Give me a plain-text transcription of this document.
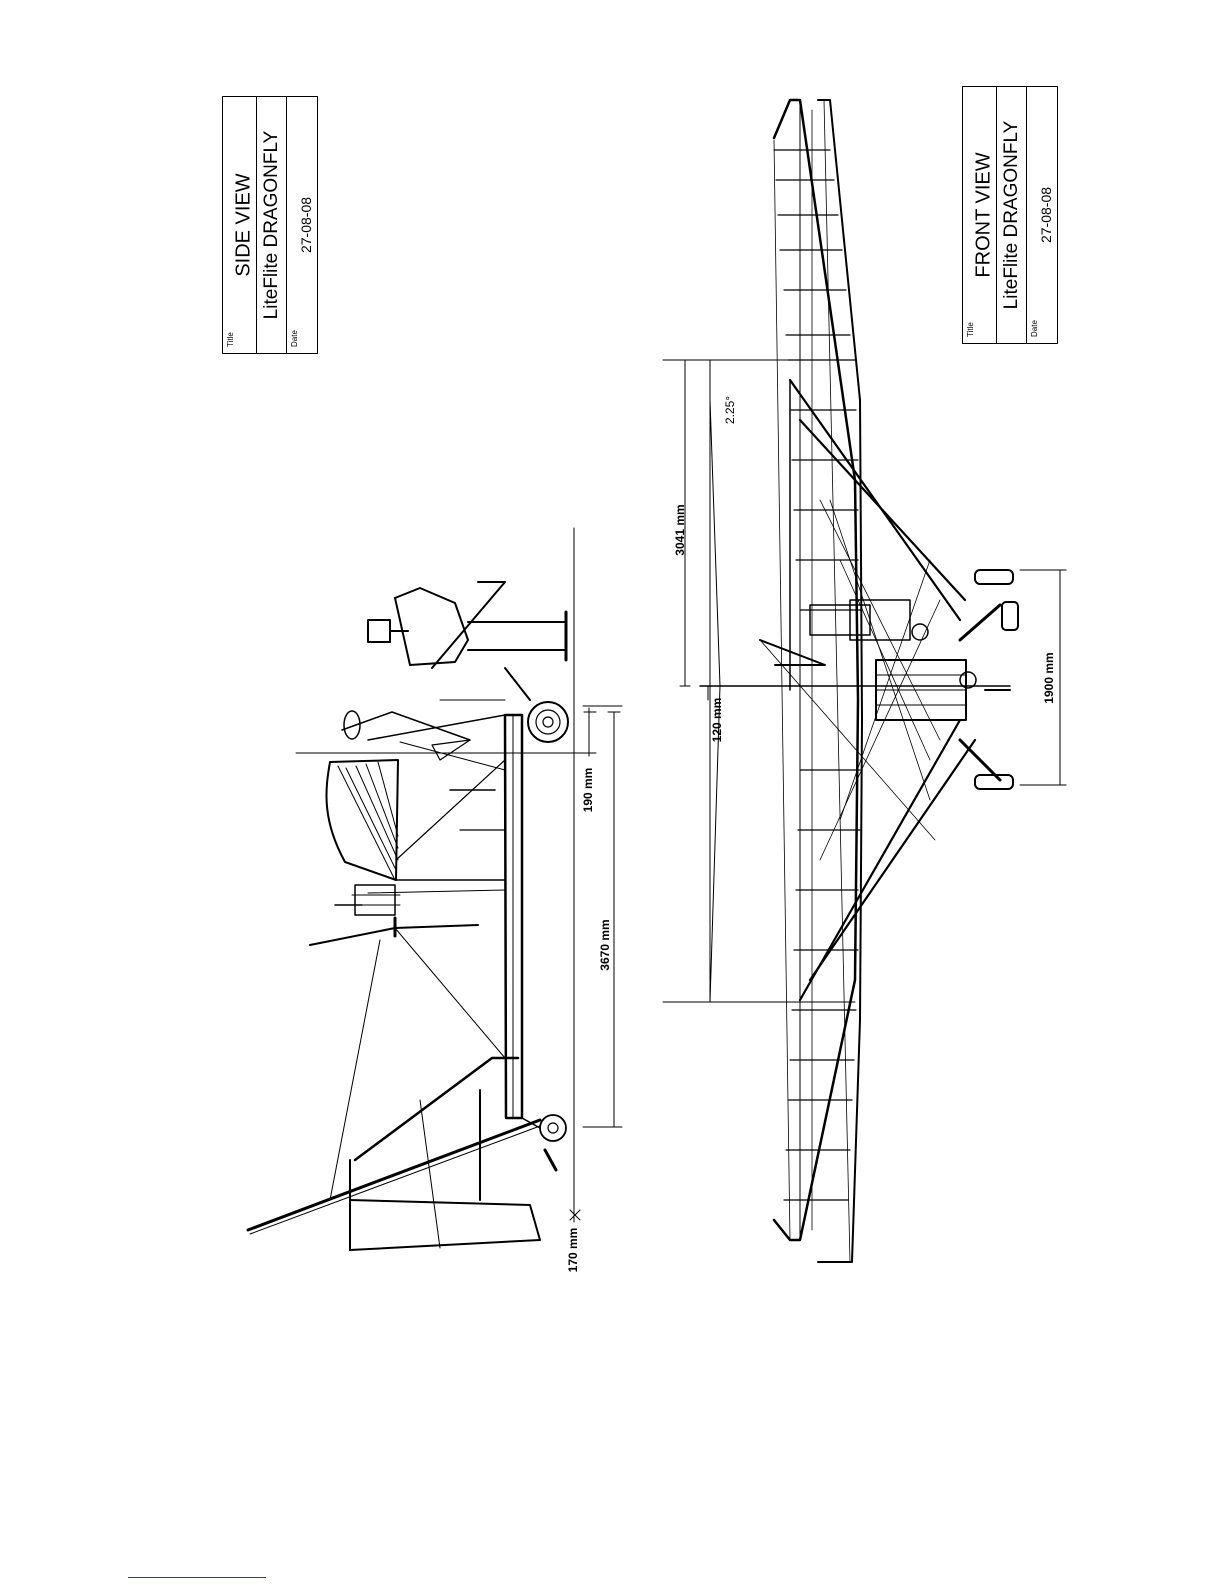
Title
SIDE VIEW LiteFlite DRAGONFLY
Date
27-08-08
Title
FRONT VIEW LiteFlite DRAGONFLY
Date
27-08-08
170 mm
3670 mm
190 mm
3041 mm
2.25°
120 mm
1900 mm
